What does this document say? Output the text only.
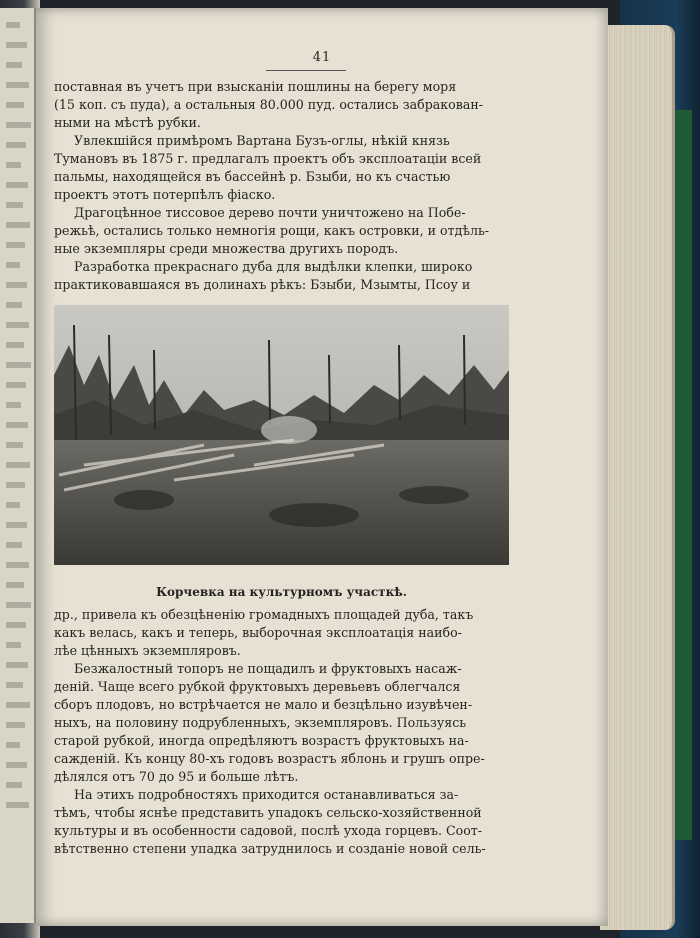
41
поставная въ учетъ при взысканіи пошлины на берегу моря
(15 коп. съ пуда), а остальныя 80.000 пуд. остались забракован-
ными на мѣстѣ рубки.
Увлекшійся примѣромъ Вартана Бузъ-оглы, нѣкій князь
Тумановъ въ 1875 г. предлагалъ проектъ объ эксплоатаціи всей
пальмы, находящейся въ бассейнѣ р. Бзыби, но къ счастью
проектъ этотъ потерпѣлъ фіаско.
Драгоцѣнное тиссовое дерево почти уничтожено на Побе-
режьѣ, остались только немногія рощи, какъ островки, и отдѣль-
ные экземпляры среди множества другихъ породъ.
Разработка прекраснаго дуба для выдѣлки клепки, широко
практиковавшаяся въ долинахъ рѣкъ: Бзыби, Мзымты, Псоу и
Корчевка на культурномъ участкѣ.
др., привела къ обезцѣненію громадныхъ площадей дуба, такъ
какъ велась, какъ и теперь, выборочная эксплоатація наибо-
лѣе цѣнныхъ экземпляровъ.
Безжалостный топоръ не пощадилъ и фруктовыхъ насаж-
деній. Чаще всего рубкой фруктовыхъ деревьевъ облегчался
сборъ плодовъ, но встрѣчается не мало и безцѣльно изувѣчен-
ныхъ, на половину подрубленныхъ, экземпляровъ. Пользуясь
старой рубкой, иногда опредѣляютъ возрастъ фруктовыхъ на-
сажденій. Къ концу 80-хъ годовъ возрастъ яблонь и грушъ опре-
дѣлялся отъ 70 до 95 и больше лѣтъ.
На этихъ подробностяхъ приходится останавливаться за-
тѣмъ, чтобы яснѣе представить упадокъ сельско-хозяйственной
культуры и въ особенности садовой, послѣ ухода горцевъ. Соот-
вѣтственно степени упадка затруднилось и созданіе новой сель-
